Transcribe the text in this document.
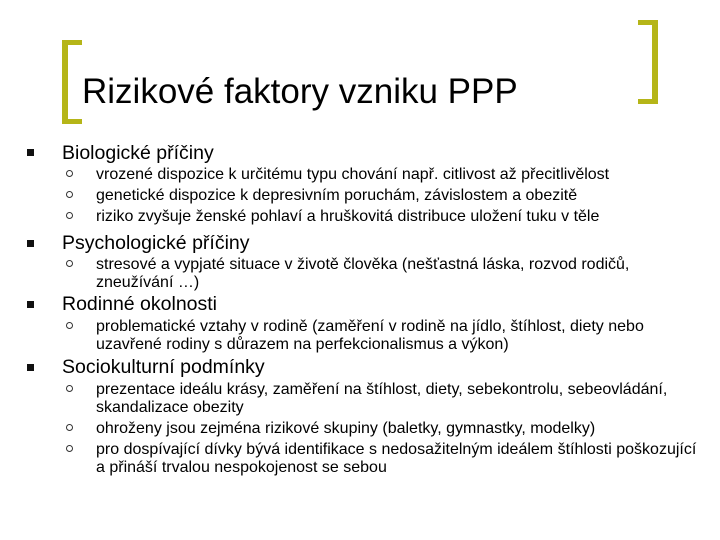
Rizikové faktory vzniku PPP
Biologické příčiny
vrozené dispozice k určitému typu chování např. citlivost až přecitlivělost
genetické dispozice k depresivním poruchám, závislostem a obezitě
riziko zvyšuje ženské pohlaví a hruškovitá distribuce uložení tuku v těle
Psychologické příčiny
stresové a vypjaté situace v životě člověka (nešťastná láska, rozvod rodičů, zneužívání …)
Rodinné okolnosti
problematické vztahy v rodině (zaměření v rodině na jídlo, štíhlost, diety nebo uzavřené rodiny s důrazem na perfekcionalismus a výkon)
Sociokulturní podmínky
prezentace ideálu krásy, zaměření na štíhlost, diety, sebekontrolu, sebeovládání, skandalizace obezity
ohroženy jsou zejména rizikové skupiny (baletky, gymnastky, modelky)
pro dospívající dívky bývá identifikace s nedosažitelným ideálem štíhlosti poškozující a přináší trvalou nespokojenost se sebou
